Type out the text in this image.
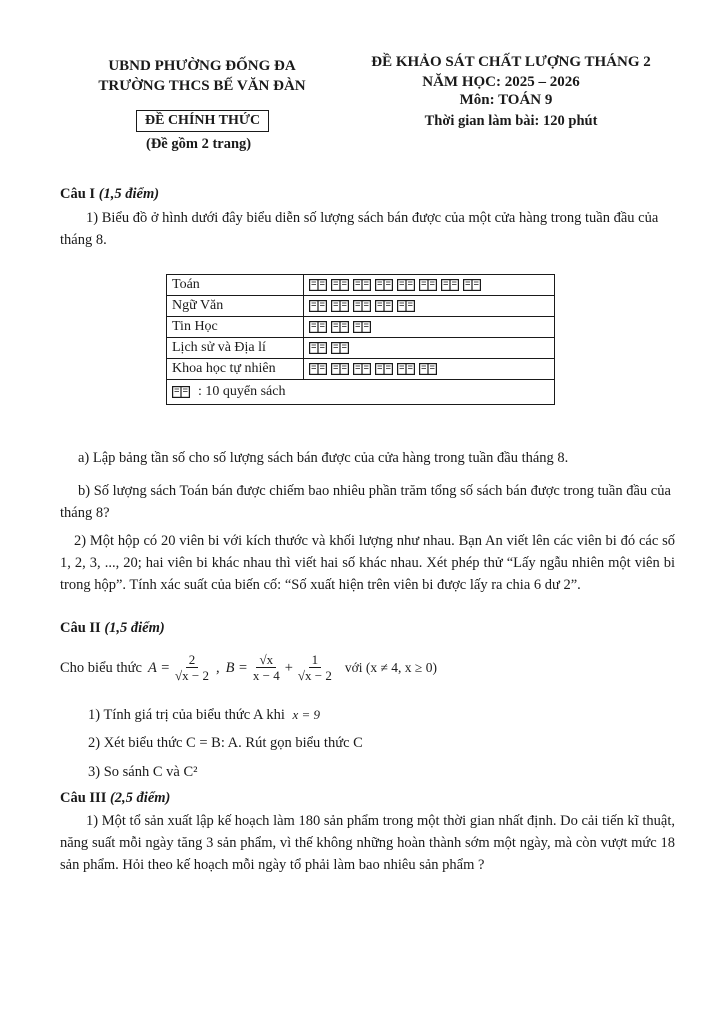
UBND PHƯỜNG ĐỐNG ĐA
TRƯỜNG THCS BẾ VĂN ĐÀN
ĐỀ CHÍNH THỨC
(Đề gồm 2 trang)
ĐỀ KHẢO SÁT CHẤT LƯỢNG THÁNG 2
NĂM HỌC: 2025 – 2026
Môn: TOÁN 9
Thời gian làm bài: 120 phút
Câu I (1,5 điểm)
1) Biểu đồ ở hình dưới đây biểu diễn số lượng sách bán được của một cửa hàng trong tuần đầu của tháng 8.
Toán	
Ngữ Văn	
Tin Học	
Lịch sử và Địa lí	
Khoa học tự nhiên	
: 10 quyển sách	
a) Lập bảng tần số cho số lượng sách bán được của cửa hàng trong tuần đầu tháng 8.
b) Số lượng sách Toán bán được chiếm bao nhiêu phần trăm tổng số sách bán được trong tuần đầu của tháng 8?
2) Một hộp có 20 viên bi với kích thước và khối lượng như nhau. Bạn An viết lên các viên bi đó các số 1, 2, 3, ..., 20; hai viên bi khác nhau thì viết hai số khác nhau. Xét phép thử “Lấy ngẫu nhiên một viên bi trong hộp”. Tính xác suất của biến cố: “Số xuất hiện trên viên bi được lấy ra chia 6 dư 2”.
Câu II (1,5 điểm)
Cho biểu thức $A = \frac{2}{√x - 2}$ , $B = \frac{√x}{x - 4} + \frac{1}{√x - 2}$ với (x ≠ 4, x ≥ 0)
1) Tính giá trị của biểu thức A khi x = 9
2) Xét biểu thức C = B: A. Rút gọn biểu thức C
3) So sánh C và C²
Câu III (2,5 điểm)
1) Một tổ sản xuất lập kế hoạch làm 180 sản phẩm trong một thời gian nhất định. Do cải tiến kĩ thuật, năng suất mỗi ngày tăng 3 sản phẩm, vì thế không những hoàn thành sớm một ngày, mà còn vượt mức 18 sản phẩm. Hỏi theo kế hoạch mỗi ngày tổ phải làm bao nhiêu sản phẩm ?
